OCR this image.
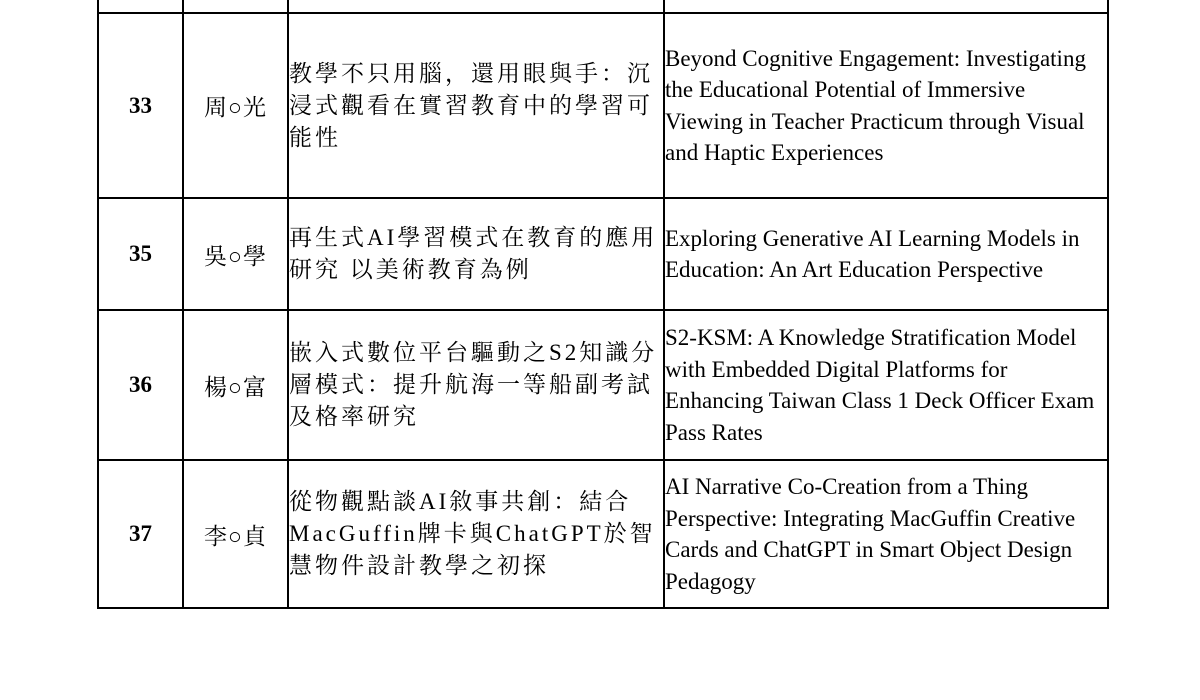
33	周○光	教學不只用腦，還用眼與手：沉浸式觀看在實習教育中的學習可能性	Beyond Cognitive Engagement: Investigating the Educational Potential of Immersive Viewing in Teacher Practicum through Visual and Haptic Experiences

35	吳○學	再生式AI學習模式在教育的應用研究 以美術教育為例	Exploring Generative AI Learning Models in Education: An Art Education Perspective

36	楊○富	嵌入式數位平台驅動之S2知識分層模式：提升航海一等船副考試及格率研究	S2-KSM: A Knowledge Stratification Model with Embedded Digital Platforms for Enhancing Taiwan Class 1 Deck Officer Exam Pass Rates

37	李○貞	從物觀點談AI敘事共創：結合MacGuffin牌卡與ChatGPT於智慧物件設計教學之初探	AI Narrative Co-Creation from a Thing Perspective: Integrating MacGuffin Creative Cards and ChatGPT in Smart Object Design Pedagogy
